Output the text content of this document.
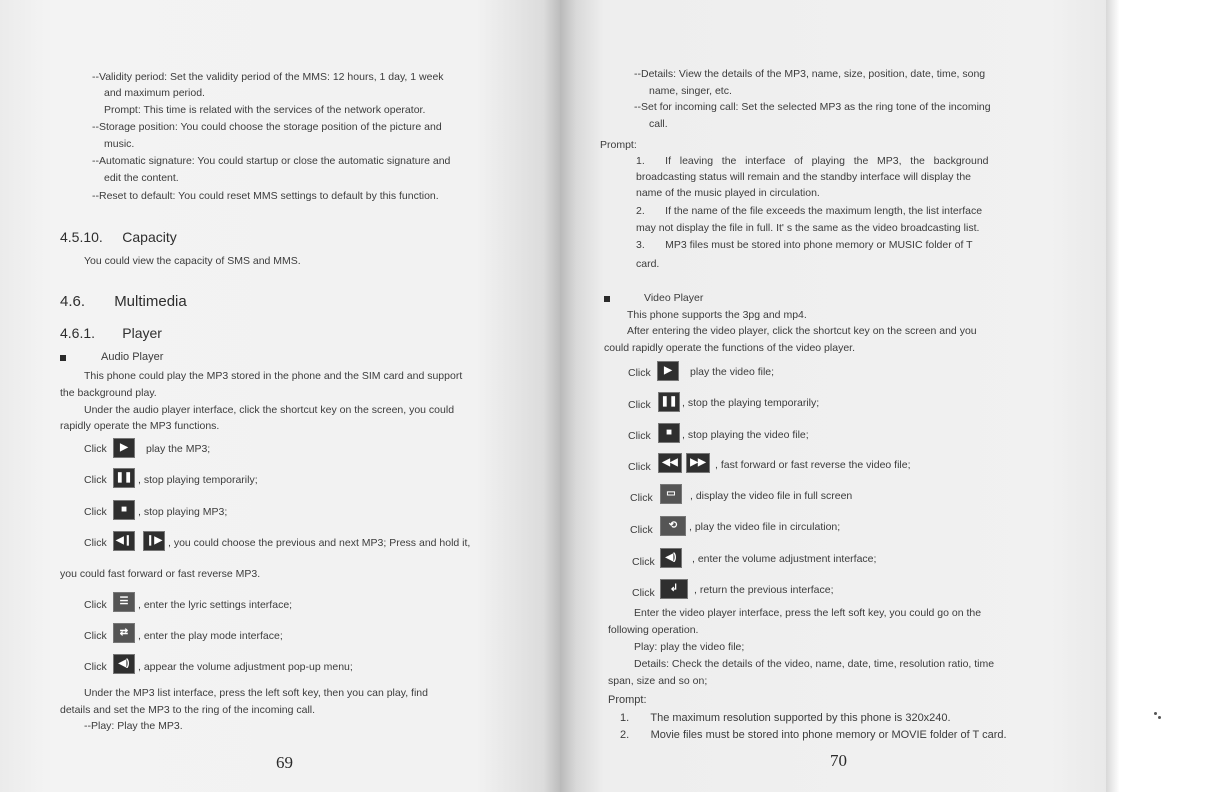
--Validity period: Set the validity period of the MMS: 12 hours, 1 day, 1 week
and maximum period.
Prompt: This time is related with the services of the network operator.
--Storage position: You could choose the storage position of the picture and
music.
--Automatic signature: You could startup or close the automatic signature and
edit the content.
--Reset to default: You could reset MMS settings to default by this function.
4.5.10.     Capacity
You could view the capacity of SMS and MMS.
4.6.       Multimedia
4.6.1.       Player
Audio Player
This phone could play the MP3 stored in the phone and the SIM card and support
the background play.
Under the audio player interface, click the shortcut key on the screen, you could
rapidly operate the MP3 functions.
Click	▶	play the MP3;
Click ❚❚ , stop playing temporarily;
Click	■	, stop playing MP3;
Click ◀❙ ❙▶ , you could choose the previous and next MP3; Press and hold it,
you could fast forward or fast reverse MP3.
Click	☰ , enter the lyric settings interface;
Click	⇄ , enter the play mode interface;
Click	◀) , appear the volume adjustment pop-up menu;
Under the MP3 list interface, press the left soft key, then you can play, find
details and set the MP3 to the ring of the incoming call.
--Play: Play the MP3.
69
--Details: View the details of the MP3, name, size, position, date, time, song
name, singer, etc.
--Set for incoming call: Set the selected MP3 as the ring tone of the incoming
call.
Prompt:
1.       If   leaving   the   interface   of   playing   the   MP3,   the   background
broadcasting status will remain and the standby interface will display the
name of the music played in circulation.
2.       If the name of the file exceeds the maximum length, the list interface
may not display the file in full. It' s the same as the video broadcasting list.
3.       MP3 files must be stored into phone memory or MUSIC folder of T
card.
Video Player
This phone supports the 3pg and mp4.
After entering the video player, click the shortcut key on the screen and you
could rapidly operate the functions of the video player.
Click	▶	play the video file;
Click ❚❚ , stop the playing temporarily;
Click	■ , stop playing the video file;
Click	◀◀	▶▶ , fast forward or fast reverse the video file;
Click	▭	, display the video file in full screen
Click	⟲	, play the video file in circulation;
Click	◀)	, enter the volume adjustment interface;
Click	↲	, return the previous interface;
Enter the video player interface, press the left soft key, you could go on the
following operation.
Play: play the video file;
Details: Check the details of the video, name, date, time, resolution ratio, time
span, size and so on;
Prompt:
1.       The maximum resolution supported by this phone is 320x240.
2.       Movie files must be stored into phone memory or MOVIE folder of T card.
70
